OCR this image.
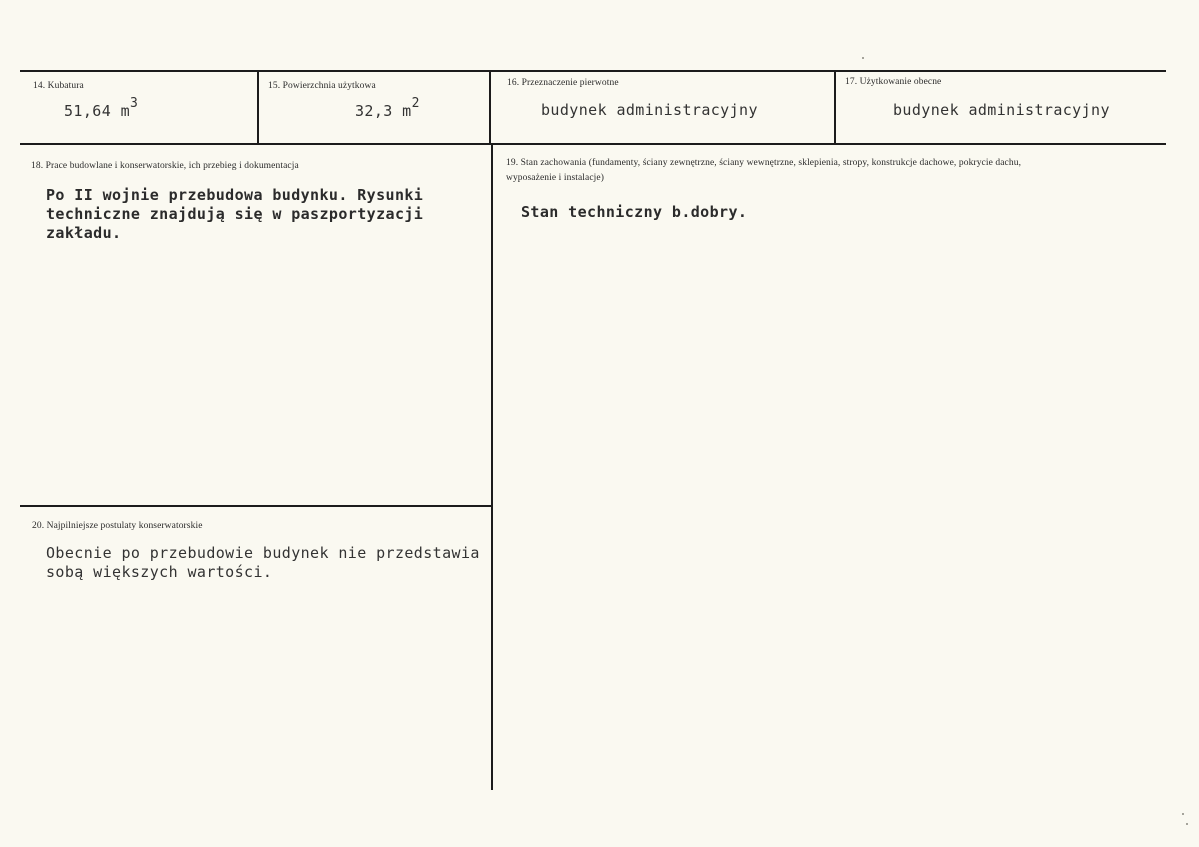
14. Kubatura
51,64 m3
15. Powierzchnia użytkowa
32,3 m2
16. Przeznaczenie pierwotne
budynek administracyjny
17. Użytkowanie obecne
budynek administracyjny
18. Prace budowlane i konserwatorskie, ich przebieg i dokumentacja
Po II wojnie przebudowa budynku. Rysunki techniczne znajdują się w paszportyzacji zakładu.
19. Stan zachowania (fundamenty, ściany zewnętrzne, ściany wewnętrzne, sklepienia, stropy, konstrukcje dachowe, pokrycie dachu, wyposażenie i instalacje)
Stan techniczny b.dobry.
20. Najpilniejsze postulaty konserwatorskie
Obecnie po przebudowie budynek nie przedstawia sobą większych wartości.
